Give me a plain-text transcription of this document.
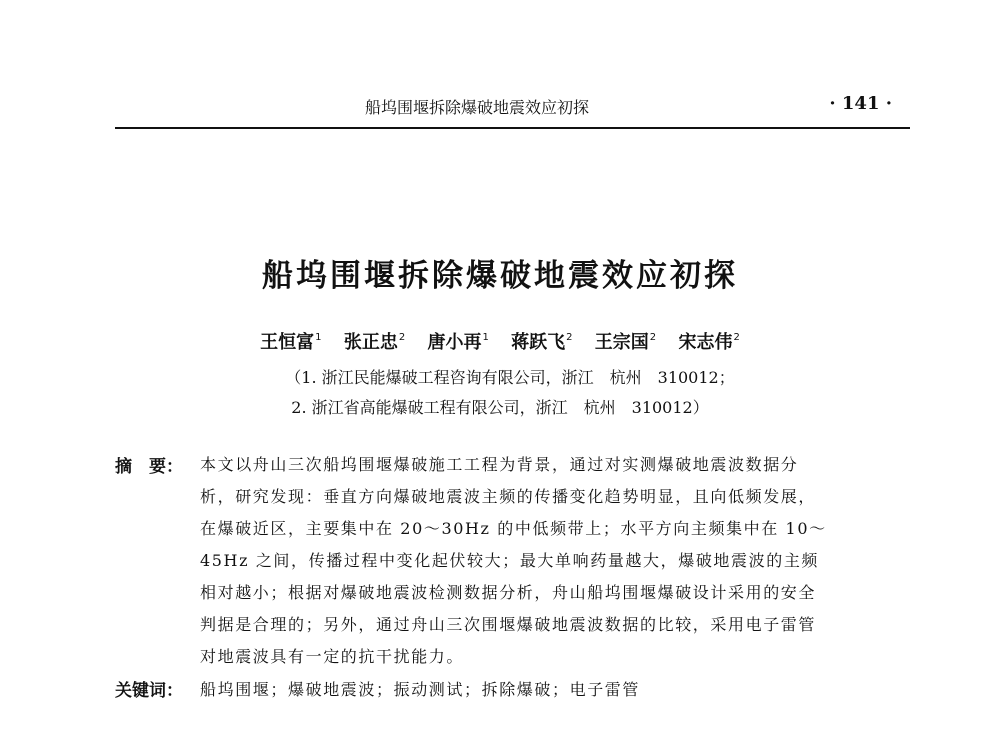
船坞围堰拆除爆破地震效应初探	· 141 ·
船坞围堰拆除爆破地震效应初探
王恒富$^1$ 张正忠$^2$ 唐小再$^1$ 蒋跃飞$^2$ 王宗国$^2$ 宋志伟$^2$
（1. 浙江民能爆破工程咨询有限公司，浙江　杭州　310012；
2. 浙江省高能爆破工程有限公司，浙江　杭州　310012）
摘　要： 本文以舟山三次船坞围堰爆破施工工程为背景，通过对实测爆破地震波数据分
析，研究发现：垂直方向爆破地震波主频的传播变化趋势明显，且向低频发展，
在爆破近区，主要集中在 20～30Hz 的中低频带上；水平方向主频集中在 10～
45Hz 之间，传播过程中变化起伏较大；最大单响药量越大，爆破地震波的主频
相对越小；根据对爆破地震波检测数据分析，舟山船坞围堰爆破设计采用的安全
判据是合理的；另外，通过舟山三次围堰爆破地震波数据的比较，采用电子雷管
对地震波具有一定的抗干扰能力。
关键词： 船坞围堰；爆破地震波；振动测试；拆除爆破；电子雷管
